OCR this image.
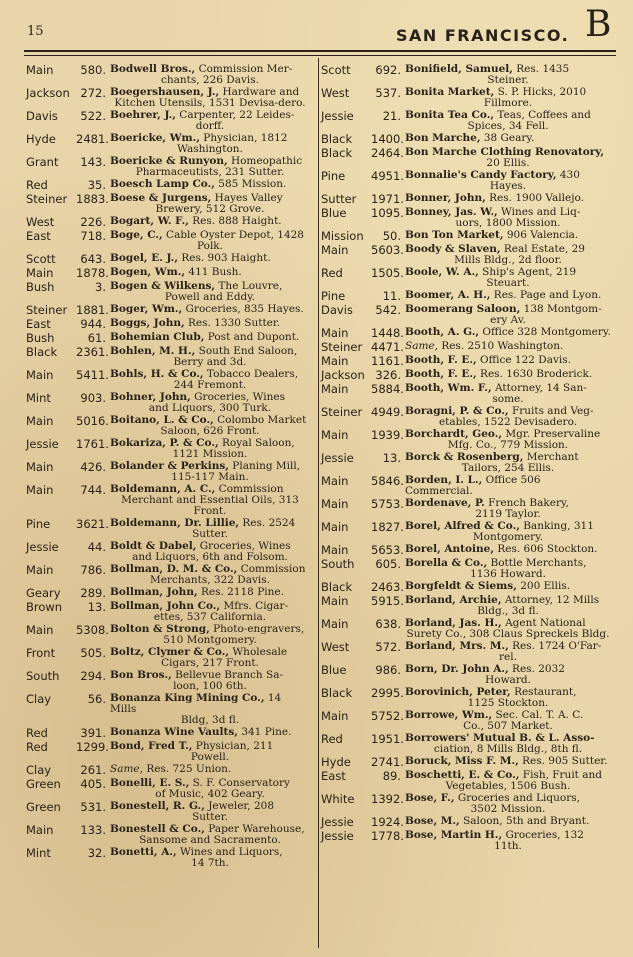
15	SAN FRANCISCO. B
Main	580. Bodwell Bros., Commission Mer-
chants, 226 Davis.
Jackson 272. Boegershausen, J., Hardware and
Kitchen Utensils, 1531 Devisa-dero.
Davis	522. Boehrer, J., Carpenter, 22 Leides-
dorff.
Hyde	2481. Boericke, Wm., Physician, 1812
Washington.
Grant	143. Boericke & Runyon, Homeopathic
Pharmaceutists, 231 Sutter.
Red	35. Boesch Lamp Co., 585 Mission.
Steiner 1883. Boese & Jurgens, Hayes Valley
Brewery, 512 Grove.
West	226. Bogart, W. F., Res. 888 Haight.
East	718. Boge, C., Cable Oyster Depot, 1428
Polk.
Scott	643. Bogel, E. J., Res. 903 Haight.
Main	1878. Bogen, Wm., 411 Bush.
Bush	3. Bogen & Wilkens, The Louvre,
Powell and Eddy.
Steiner 1881. Boger, Wm., Groceries, 835 Hayes.
East	944. Boggs, John, Res. 1330 Sutter.
Bush	61. Bohemian Club, Post and Dupont.
Black	2361. Bohlen, M. H., South End Saloon,
Berry and 3d.
Main	5411. Bohls, H. & Co., Tobacco Dealers,
244 Fremont.
Mint	903. Bohner, John, Groceries, Wines
and Liquors, 300 Turk.
Main	5016. Boitano, L. & Co., Colombo Market
Saloon, 626 Front.
Jessie	1761. Bokariza, P. & Co., Royal Saloon,
1121 Mission.
Main	426. Bolander & Perkins, Planing Mill,
115-117 Main.
Main	744. Boldemann, A. C., Commission
Merchant and Essential Oils, 313 Front.
Pine	3621. Boldemann, Dr. Lillie, Res. 2524
Sutter.
Jessie	44. Boldt & Dabel, Groceries, Wines
and Liquors, 6th and Folsom.
Main	786. Bollman, D. M. & Co., Commission
Merchants, 322 Davis.
Geary	289. Bollman, John, Res. 2118 Pine.
Brown	13. Bollman, John Co., Mfrs. Cigar-
ettes, 537 California.
Main	5308. Bolton & Strong, Photo-engravers,
510 Montgomery.
Front	505. Boltz, Clymer & Co., Wholesale
Cigars, 217 Front.
South	294. Bon Bros., Bellevue Branch Sa-
loon, 100 6th.
Clay	56. Bonanza King Mining Co., 14 Mills
Bldg, 3d fl.
Red	391. Bonanza Wine Vaults, 341 Pine.
Red	1299. Bond, Fred T., Physician, 211
Powell.
Clay	261. Same, Res. 725 Union.
Green	405. Bonelli, E. S., S. F. Conservatory
of Music, 402 Geary.
Green	531. Bonestell, R. G., Jeweler, 208
Sutter.
Main	133. Bonestell & Co., Paper Warehouse,
Sansome and Sacramento.
Mint	32. Bonetti, A., Wines and Liquors,
14 7th.
Scott	692. Bonifield, Samuel, Res. 1435
Steiner.
West	537. Bonita Market, S. P. Hicks, 2010
Fillmore.
Jessie	21. Bonita Tea Co., Teas, Coffees and
Spices, 34 Fell.
Black	1400. Bon Marche, 38 Geary.
Black	2464. Bon Marche Clothing Renovatory,
20 Ellis.
Pine	4951. Bonnalie's Candy Factory, 430
Hayes.
Sutter	1971. Bonner, John, Res. 1900 Vallejo.
Blue	1095. Bonney, Jas. W., Wines and Liq-
uors, 1800 Mission.
Mission	50. Bon Ton Market, 906 Valencia.
Main	5603. Boody & Slaven, Real Estate, 29
Mills Bldg., 2d floor.
Red	1505. Boole, W. A., Ship's Agent, 219
Steuart.
Pine	11. Boomer, A. H., Res. Page and Lyon.
Davis	542. Boomerang Saloon, 138 Montgom-
ery Av.
Main	1448. Booth, A. G., Office 328 Montgomery.
Steiner 4471. Same, Res. 2510 Washington.
Main	1161. Booth, F. E., Office 122 Davis.
Jackson 326. Booth, F. E., Res. 1630 Broderick.
Main	5884. Booth, Wm. F., Attorney, 14 San-
some.
Steiner 4949. Boragni, P. & Co., Fruits and Veg-
etables, 1522 Devisadero.
Main	1939. Borchardt, Geo., Mgr. Preservaline
Mfg. Co., 779 Mission.
Jessie	13. Borck & Rosenberg, Merchant
Tailors, 254 Ellis.
Main	5846. Borden, I. L., Office 506 Commercial.
Main	5753. Bordenave, P. French Bakery,
2119 Taylor.
Main	1827. Borel, Alfred & Co., Banking, 311
Montgomery.
Main	5653. Borel, Antoine, Res. 606 Stockton.
South	605. Borella & Co., Bottle Merchants,
1136 Howard.
Black	2463. Borgfeldt & Siems, 200 Ellis.
Main	5915. Borland, Archie, Attorney, 12 Mills
Bldg., 3d fl.
Main	638. Borland, Jas. H., Agent National
Surety Co., 308 Claus Spreckels Bldg.
West	572. Borland, Mrs. M., Res. 1724 O'Far-
rel.
Blue	986. Born, Dr. John A., Res. 2032
Howard.
Black	2995. Borovinich, Peter, Restaurant,
1125 Stockton.
Main	5752. Borrowe, Wm., Sec. Cal. T. A. C.
Co., 507 Market.
Red	1951. Borrowers' Mutual B. & L. Asso-
ciation, 8 Mills Bldg., 8th fl.
Hyde	2741. Boruck, Miss F. M., Res. 905 Sutter.
East	89. Boschetti, E. & Co., Fish, Fruit and
Vegetables, 1506 Bush.
White	1392. Bose, F., Groceries and Liquors,
3502 Mission.
Jessie	1924. Bose, M., Saloon, 5th and Bryant.
Jessie	1778. Bose, Martin H., Groceries, 132
11th.
